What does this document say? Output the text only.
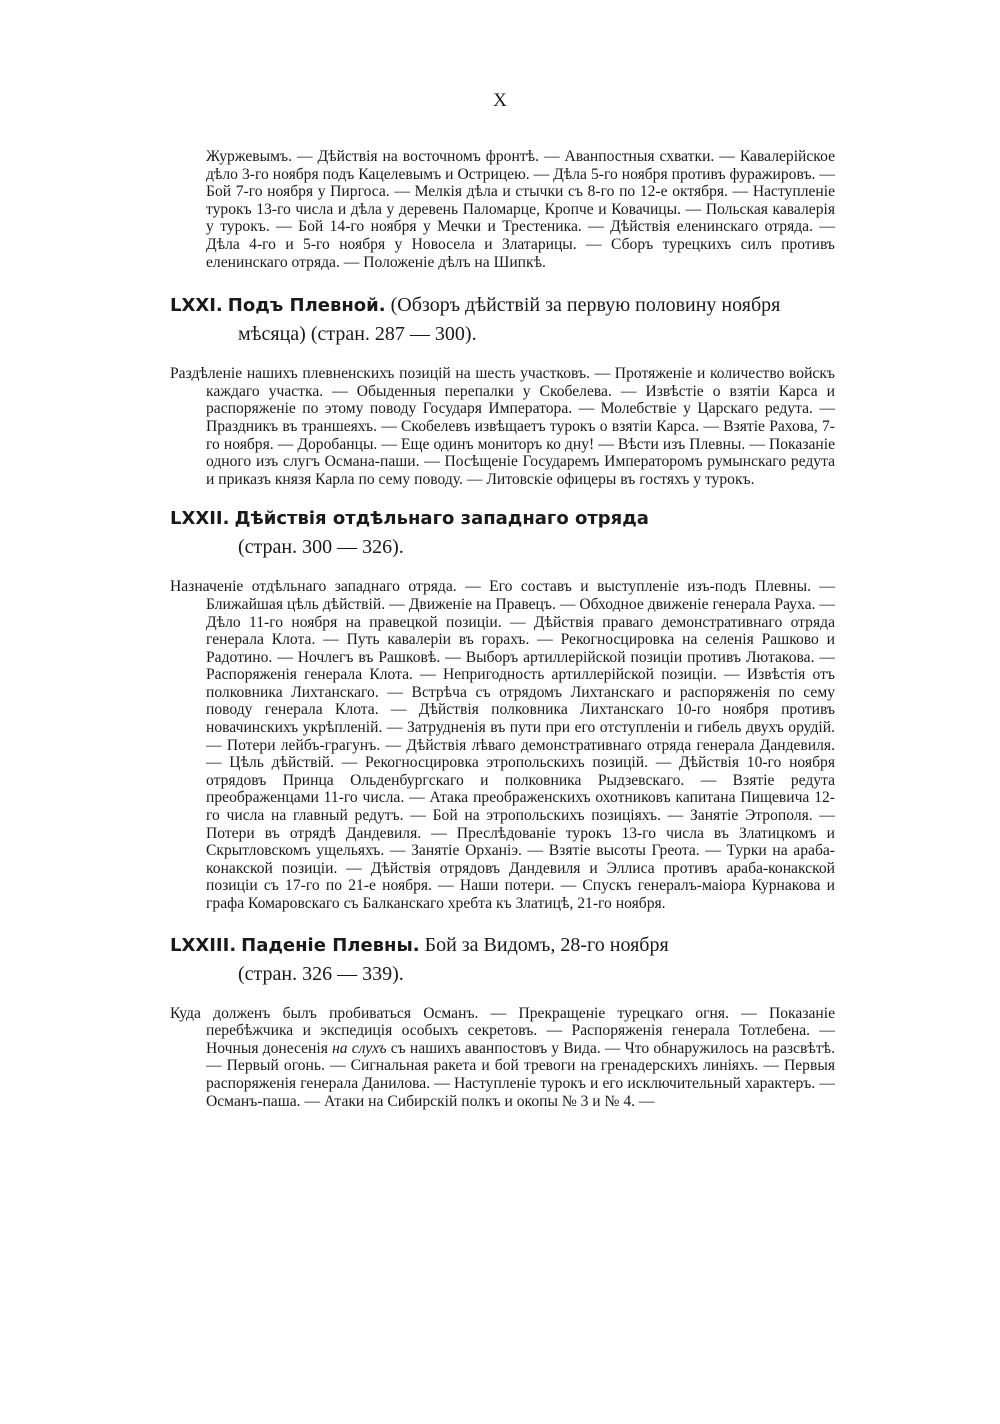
X

Журжевымъ. — Дѣйствія на восточномъ фронтѣ. — Аванпостныя схватки. — Кавалерійское дѣло 3-го ноября подъ Кацелевымъ и Острицею. — Дѣла 5-го ноября противъ фуражировъ. — Бой 7-го ноября у Пиргоса. — Мелкія дѣла и стычки съ 8-го по 12-е октября. — Наступленіе турокъ 13-го числа и дѣла у деревень Паломарце, Кропче и Ковачицы. — Польская кавалерія у турокъ. — Бой 14-го ноября у Мечки и Трестеника. — Дѣйствія еленинскаго отряда. — Дѣла 4-го и 5-го ноября у Новосела и Златарицы. — Сборъ турецкихъ силъ противъ еленинскаго отряда. — Положеніе дѣлъ на Шипкѣ.

LXXI. Подъ Плевной. (Обзоръ дѣйствій за первую половину ноября
мѣсяца) (стран. 287 — 300).

Раздѣленіе нашихъ плевненскихъ позицій на шесть участковъ. — Протяженіе и количество войскъ каждаго участка. — Обыденныя перепалки у Скобелева. — Извѣстіе о взятіи Карса и распоряженіе по этому поводу Государя Императора. — Молебствіе у Царскаго редута. — Праздникъ въ траншеяхъ. — Скобелевъ извѣщаетъ турокъ о взятіи Карса. — Взятіе Рахова, 7-го ноября. — Доробанцы. — Еще одинъ мониторъ ко дну! — Вѣсти изъ Плевны. — Показаніе одного изъ слугъ Османа-паши. — Посѣщеніе Государемъ Императоромъ румынскаго редута и приказъ князя Карла по сему поводу. — Литовскіе офицеры въ гостяхъ у турокъ.

LXXII. Дѣйствія отдѣльнаго западнаго отряда
(стран. 300 — 326).

Назначеніе отдѣльнаго западнаго отряда. — Его составъ и выступленіе изъ-подъ Плевны. — Ближайшая цѣль дѣйствій. — Движеніе на Правецъ. — Обходное движеніе генерала Рауха. — Дѣло 11-го ноября на правецкой позиціи. — Дѣйствія праваго демонстративнаго отряда генерала Клота. — Путь кавалеріи въ горахъ. — Рекогносцировка на селенія Рашково и Радотино. — Ночлегъ въ Рашковѣ. — Выборъ артиллерійской позиціи противъ Лютакова. — Распоряженія генерала Клота. — Непригодность артиллерійской позиціи. — Извѣстія отъ полковника Лихтанскаго. — Встрѣча съ отрядомъ Лихтанскаго и распоряженія по сему поводу генерала Клота. — Дѣйствія полковника Лихтанскаго 10-го ноября противъ новачинскихъ укрѣпленій. — Затрудненія въ пути при его отступленіи и гибель двухъ орудій. — Потери лейбъ-грагунъ. — Дѣйствія лѣваго демонстративнаго отряда генерала Дандевиля. — Цѣль дѣйствій. — Рекогносцировка этропольскихъ позицій. — Дѣйствія 10-го ноября отрядовъ Принца Ольденбургскаго и полковника Рыдзевскаго. — Взятіе редута преображенцами 11-го числа. — Атака преображенскихъ охотниковъ капитана Пищевича 12-го числа на главный редутъ. — Бой на этропольскихъ позиціяхъ. — Занятіе Этрополя. — Потери въ отрядѣ Дандевиля. — Преслѣдованіе турокъ 13-го числа въ Златицкомъ и Скрытловскомъ ущельяхъ. — Занятіе Орханіэ. — Взятіе высоты Греота. — Турки на араба-конакской позиціи. — Дѣйствія отрядовъ Дандевиля и Эллиса противъ араба-конакской позиціи съ 17-го по 21-е ноября. — Наши потери. — Спускъ генералъ-маіора Курнакова и графа Комаровскаго съ Балканскаго хребта къ Златицѣ, 21-го ноября.

LXXIII. Паденіе Плевны. Бой за Видомъ, 28-го ноября
(стран. 326 — 339).

Куда долженъ былъ пробиваться Османъ. — Прекращеніе турецкаго огня. — Показаніе перебѣжчика и экспедиція особыхъ секретовъ. — Распоряженія генерала Тотлебена. — Ночныя донесенія на слухъ съ нашихъ аванпостовъ у Вида. — Что обнаружилось на разсвѣтѣ. — Первый огонь. — Сигнальная ракета и бой тревоги на гренадерскихъ линіяхъ. — Первыя распоряженія генерала Данилова. — Наступленіе турокъ и его исключительный характеръ. — Османъ-паша. — Атаки на Сибирскій полкъ и окопы № 3 и № 4. —
